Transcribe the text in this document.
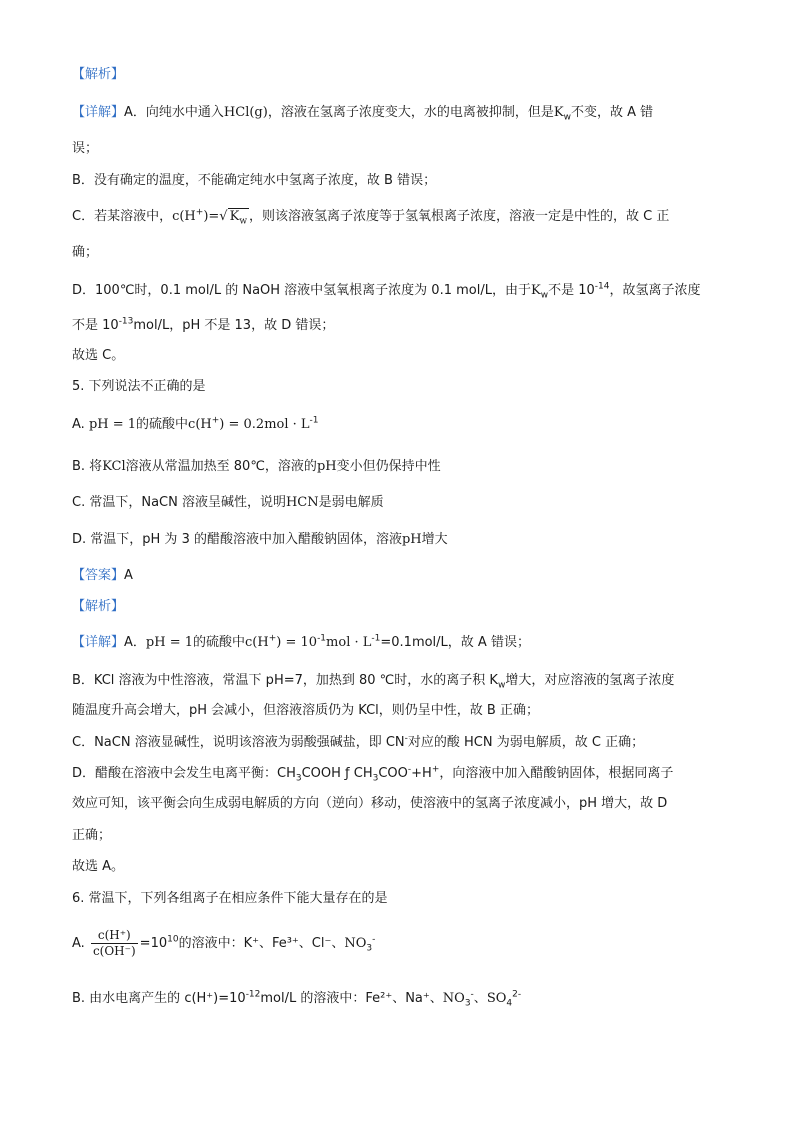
【解析】
【详解】A．向纯水中通入HCl(g)，溶液在氢离子浓度变大，水的电离被抑制，但是$K_w$不变，故 A 错
误；
B．没有确定的温度，不能确定纯水中氢离子浓度，故 B 错误；
C．若某溶液中，c(H+)=√ $K_w$ ，则该溶液氢离子浓度等于氢氧根离子浓度，溶液一定是中性的，故 C 正
确；
D．100℃时，0.1 mol/L 的 NaOH 溶液中氢氧根离子浓度为 0.1 mol/L，由于$K_w$不是 $10^{-14}$，故氢离子浓度
不是 $10^{-13}mol/L$，pH 不是 13，故 D 错误；
故选 C。
5. 下列说法不正确的是
A. pH = 1的硫酸中$c(H^+) = 0.2mol \cdot L^{-1}$
B. 将KCl溶液从常温加热至 80℃，溶液的pH变小但仍保持中性
C. 常温下，NaCN 溶液呈碱性，说明HCN是弱电解质
D. 常温下，pH 为 3 的醋酸溶液中加入醋酸钠固体，溶液pH增大
【答案】A
【解析】
【详解】A．pH = 1的硫酸中$c(H^+) = 10^{-1}mol \cdot L^{-1}=0.1mol/L$，故 A 错误；
B．KCl 溶液为中性溶液，常温下 pH=7，加热到 80 ℃时，水的离子积 $K_w$增大，对应溶液的氢离子浓度
随温度升高会增大，pH 会减小，但溶液溶质仍为 KCl，则仍呈中性，故 B 正确；
C．NaCN 溶液显碱性，说明该溶液为弱酸强碱盐，即 CN-对应的酸 HCN 为弱电解质，故 C 正确；
D．醋酸在溶液中会发生电离平衡：$CH_3COOH$ ƒ $CH_3COO^-+H^+$，向溶液中加入醋酸钠固体，根据同离子
效应可知，该平衡会向生成弱电解质的方向（逆向）移动，使溶液中的氢离子浓度减小，pH 增大，故 D
正确；
故选 A。
6. 常温下，下列各组离子在相应条件下能大量存在的是
A. $\frac{c(H^+)}{c(OH^-)} =10^{10}$的溶液中：K⁺、Fe³⁺、Cl⁻、$NO_3^-$
B. 由水电离产生的 $c(H^+)=10^{-12}mol/L$ 的溶液中：Fe²⁺、Na⁺、$NO_3^-$、$SO_4^{2-}$
